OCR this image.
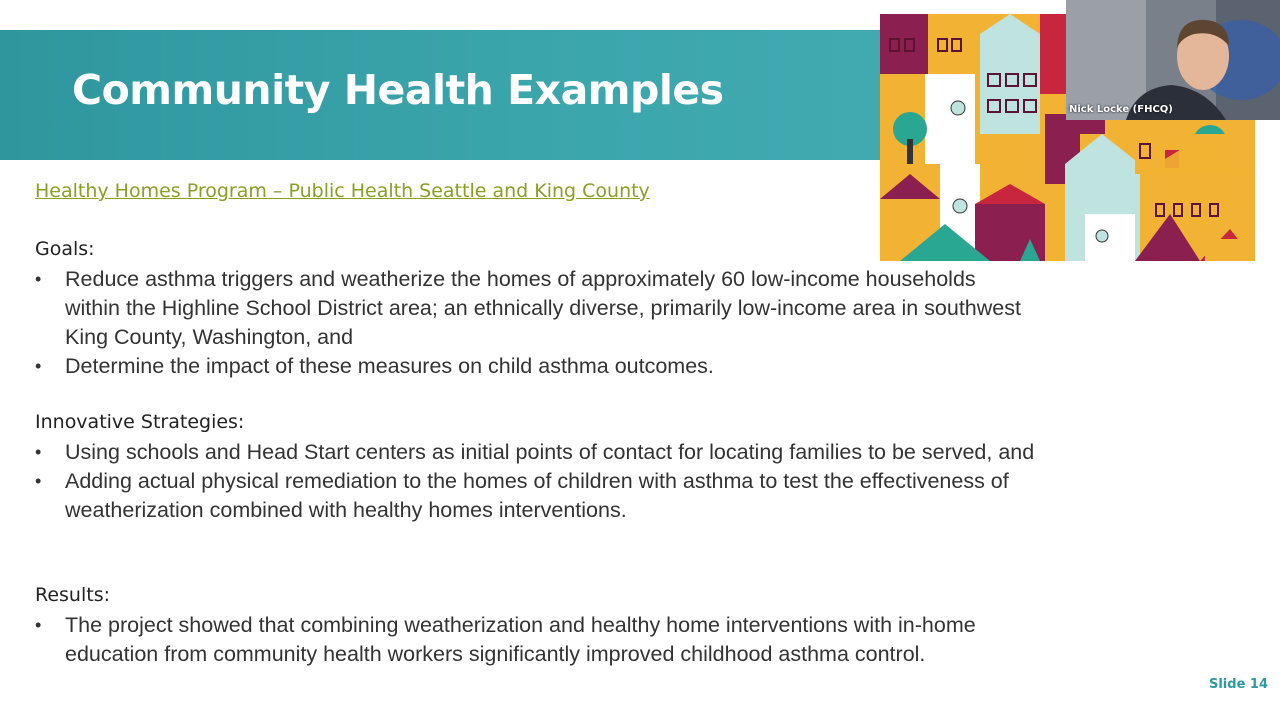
Community Health Examples
Healthy Homes Program – Public Health Seattle and King County
Goals:
•	Reduce asthma triggers and weatherize the homes of approximately 60 low-income households within the Highline School District area; an ethnically diverse, primarily low-income area in southwest King County, Washington, and
•	Determine the impact of these measures on child asthma outcomes.
Innovative Strategies:
•	Using schools and Head Start centers as initial points of contact for locating families to be served, and
•	Adding actual physical remediation to the homes of children with asthma to test the effectiveness of weatherization combined with healthy homes interventions.
Results:
•	The project showed that combining weatherization and healthy home interventions with in-home education from community health workers significantly improved childhood asthma control.
Nick Locke (FHCQ)
Slide 14
